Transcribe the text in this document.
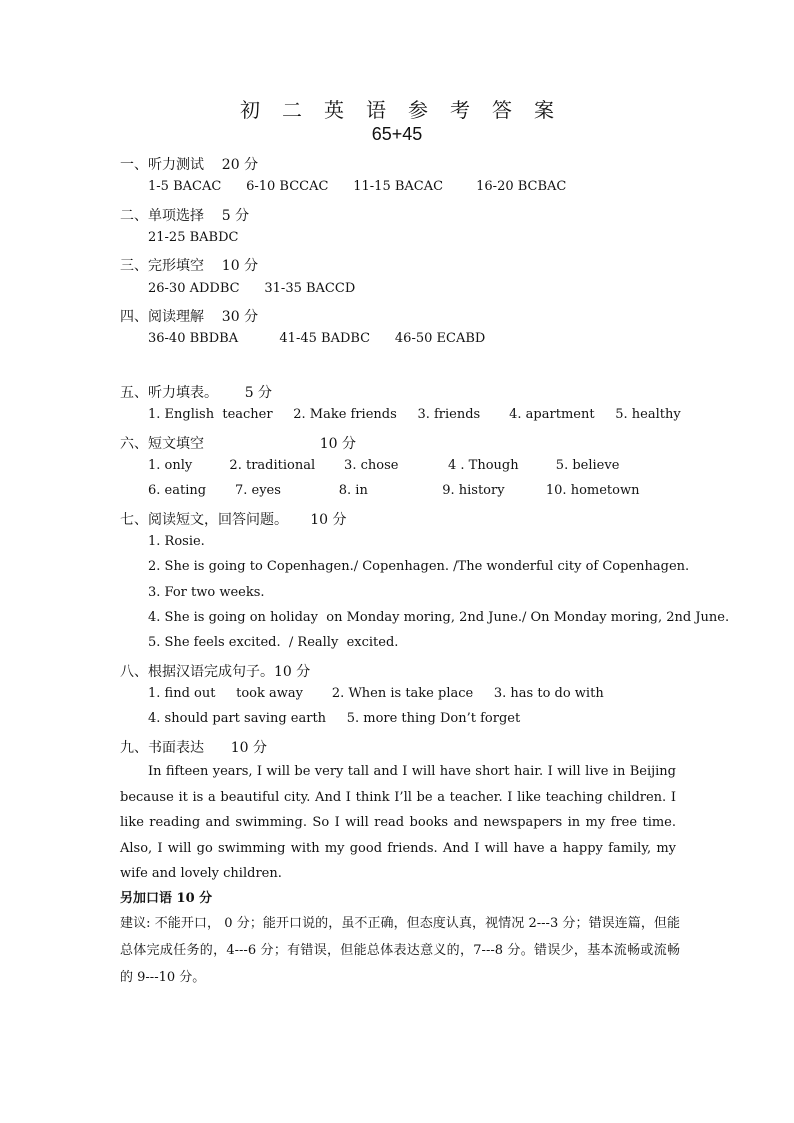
初二英语参考答案
65+45
一、听力测试    20 分
1-5 BACAC      6-10 BCCAC      11-15 BACAC        16-20 BCBAC
二、单项选择    5 分
21-25 BABDC
三、完形填空    10 分
26-30 ADDBC      31-35 BACCD
四、阅读理解    30 分
36-40 BBDBA          41-45 BADBC      46-50 ECABD
五、听力填表。      5 分
1. English  teacher     2. Make friends     3. friends       4. apartment     5. healthy
六、短文填空                          10 分
1. only         2. traditional       3. chose            4 . Though         5. believe
6. eating       7. eyes              8. in                  9. history          10. hometown
七、阅读短文，回答问题。     10 分
1. Rosie.
2. She is going to Copenhagen./ Copenhagen. /The wonderful city of Copenhagen.
3. For two weeks.
4. She is going on holiday  on Monday moring, 2nd June./ On Monday moring, 2nd June.
5. She feels excited.  / Really  excited.
八、根据汉语完成句子。10 分
1. find out     took away       2. When is take place     3. has to do with
4. should part saving earth     5. more thing Don’t forget
九、书面表达      10 分

In fifteen years, I will be very tall and I will have short hair. I will live in Beijing because it is a beautiful city. And I think I’ll be a teacher. I like teaching children. I like reading and swimming. So I will read books and newspapers in my free time. Also, I will go swimming with my good friends. And I will have a happy family, my wife and lovely children.

另加口语 10 分

建议: 不能开口， 0 分；能开口说的，虽不正确，但态度认真，视情况 2---3 分；错误连篇，但能总体完成任务的，4---6 分；有错误，但能总体表达意义的，7---8 分。错误少，基本流畅或流畅的 9---10 分。
